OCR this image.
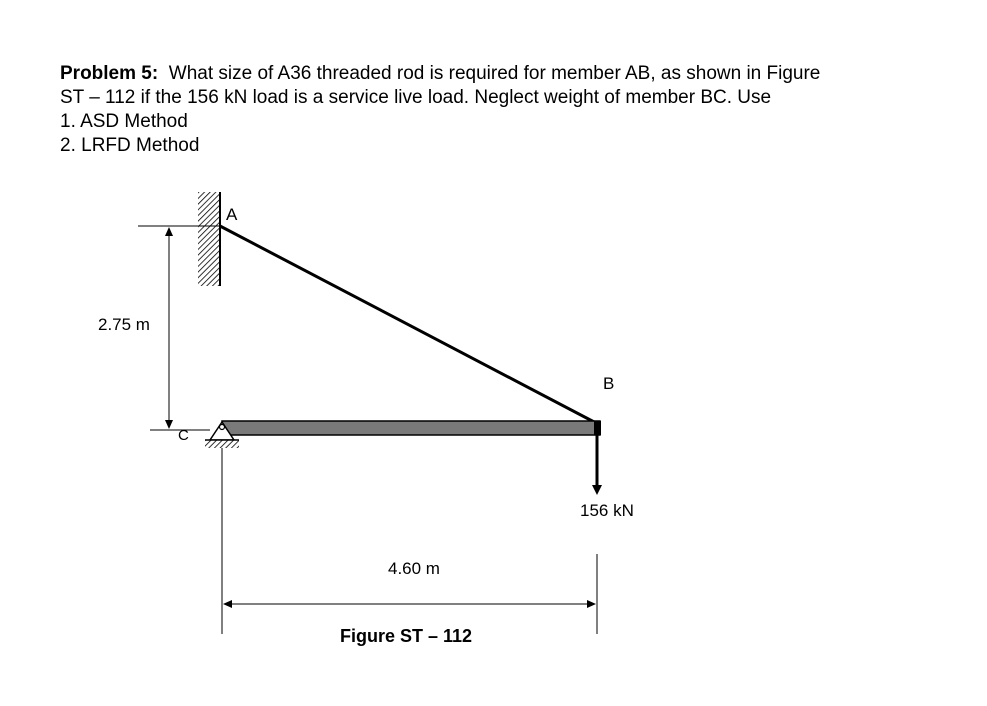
Problem 5: What size of A36 threaded rod is required for member AB, as shown in Figure

ST – 112 if the 156 kN load is a service live load. Neglect weight of member BC. Use

1. ASD Method

2. LRFD Method

2.75 m
4.60 m
A
B
C
156 kN
Figure ST – 112
